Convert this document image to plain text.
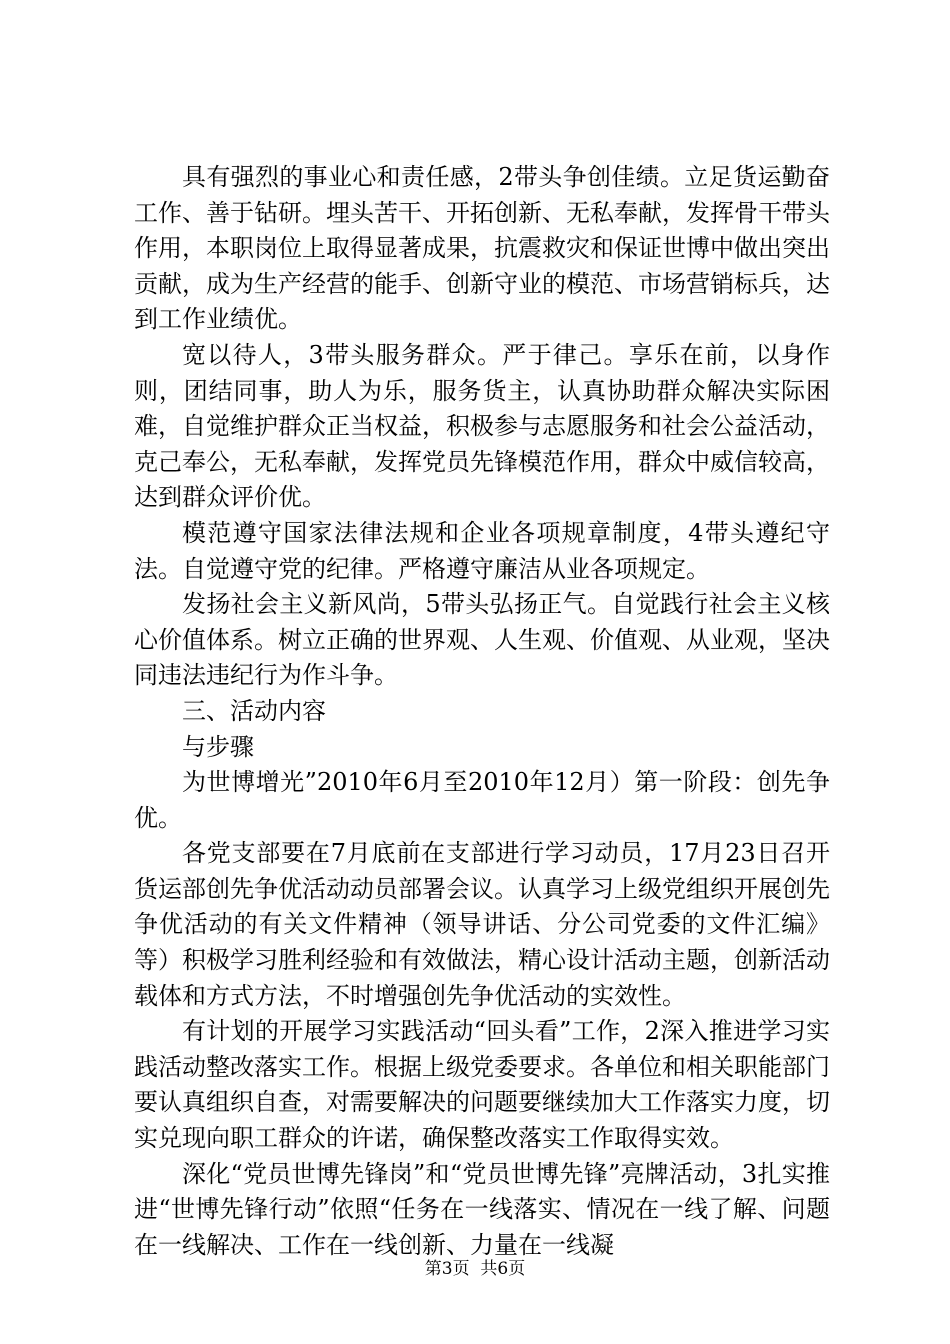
具有强烈的事业心和责任感，2带头争创佳绩。立足货运勤奋工作、善于钻研。埋头苦干、开拓创新、无私奉献，发挥骨干带头作用，本职岗位上取得显著成果，抗震救灾和保证世博中做出突出贡献，成为生产经营的能手、创新守业的模范、市场营销标兵，达到工作业绩优。

宽以待人，3带头服务群众。严于律己。享乐在前，以身作则，团结同事，助人为乐，服务货主，认真协助群众解决实际困难，自觉维护群众正当权益，积极参与志愿服务和社会公益活动，克己奉公，无私奉献，发挥党员先锋模范作用，群众中威信较高，达到群众评价优。

模范遵守国家法律法规和企业各项规章制度，4带头遵纪守法。自觉遵守党的纪律。严格遵守廉洁从业各项规定。

发扬社会主义新风尚，5带头弘扬正气。自觉践行社会主义核心价值体系。树立正确的世界观、人生观、价值观、从业观，坚决同违法违纪行为作斗争。

三、活动内容

与步骤

为世博增光”2010年6月至2010年12月）第一阶段：创先争优。

各党支部要在7月底前在支部进行学习动员，17月23日召开货运部创先争优活动动员部署会议。认真学习上级党组织开展创先争优活动的有关文件精神（领导讲话、分公司党委的文件汇编》等）积极学习胜利经验和有效做法，精心设计活动主题，创新活动载体和方式方法，不时增强创先争优活动的实效性。

有计划的开展学习实践活动“回头看”工作，2深入推进学习实践活动整改落实工作。根据上级党委要求。各单位和相关职能部门要认真组织自查，对需要解决的问题要继续加大工作落实力度，切实兑现向职工群众的许诺，确保整改落实工作取得实效。

深化“党员世博先锋岗”和“党员世博先锋”亮牌活动，3扎实推进“世博先锋行动”依照“任务在一线落实、情况在一线了解、问题在一线解决、工作在一线创新、力量在一线凝

第3页 共6页
